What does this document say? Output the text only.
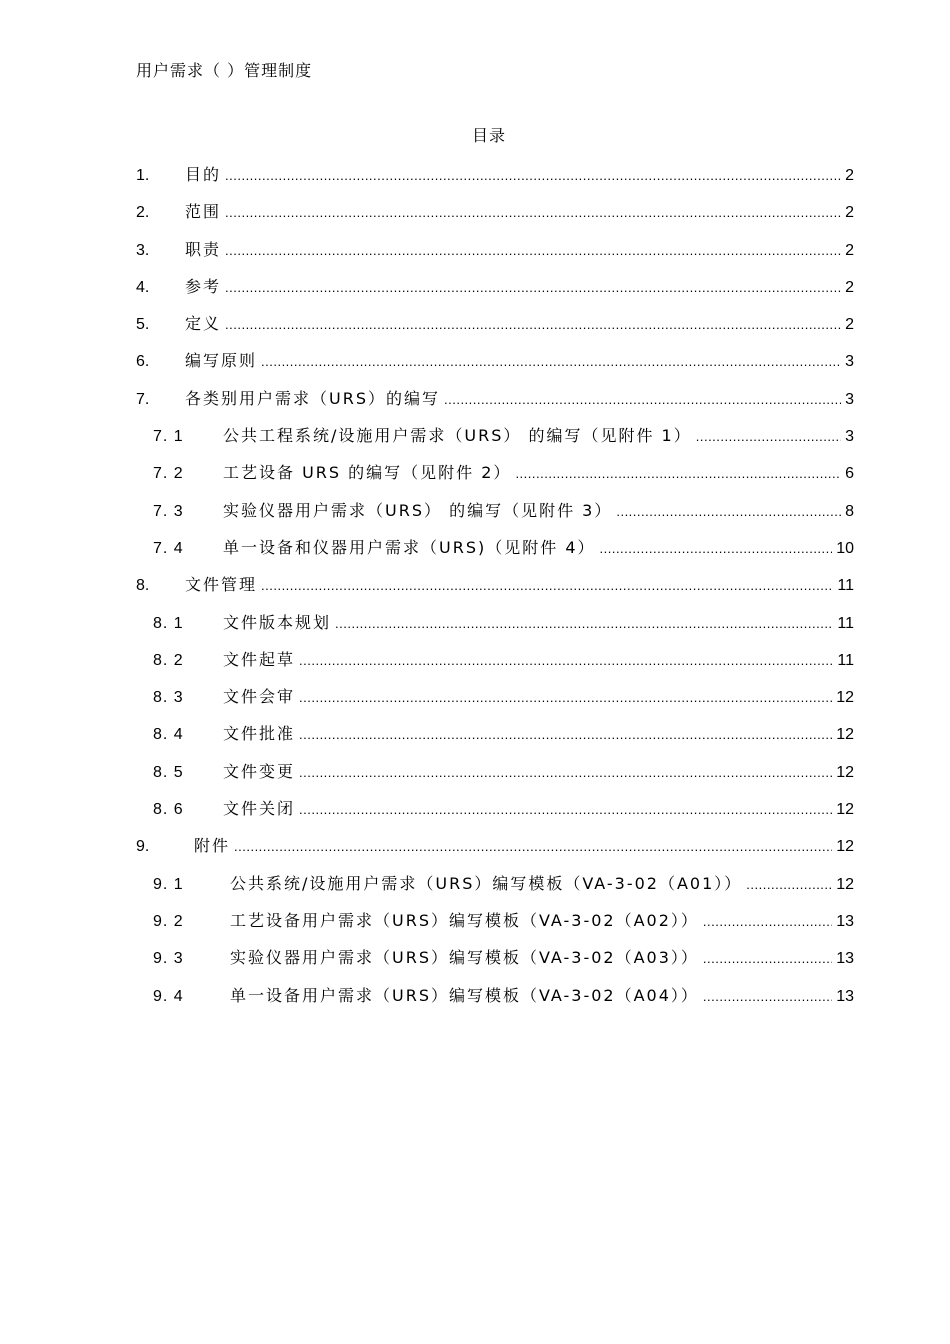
用户需求（ ）管理制度
目录
1.	目的 .....	2
2.	范围 .....	2
3.	职责 .....	2
4.	参考 .....	2
5.	定义 .....	2
6.	编写原则 .....	3
7.	各类别用户需求（URS）的编写 .....	3
7. 1	公共工程系统/设施用户需求（URS） 的编写（见附件 1） .....	3
7. 2	工艺设备 URS 的编写（见附件 2） .....	6
7. 3	实验仪器用户需求（URS） 的编写（见附件 3） .....	8
7. 4	单一设备和仪器用户需求（URS)（见附件 4） .....	10
8.	文件管理 .....	11
8. 1	文件版本规划 .....	11
8. 2	文件起草 .....	11
8. 3	文件会审 .....	12
8. 4	文件批准 .....	12
8. 5	文件变更 .....	12
8. 6	文件关闭 .....	12
9.	附件 .....	12
9. 1	公共系统/设施用户需求（URS）编写模板（VA-3-02（A01）） .....	12
9. 2	工艺设备用户需求（URS）编写模板（VA-3-02（A02）） .....	13
9. 3	实验仪器用户需求（URS）编写模板（VA-3-02（A03）） .....	13
9. 4	单一设备用户需求（URS）编写模板（VA-3-02（A04）） .....	13
